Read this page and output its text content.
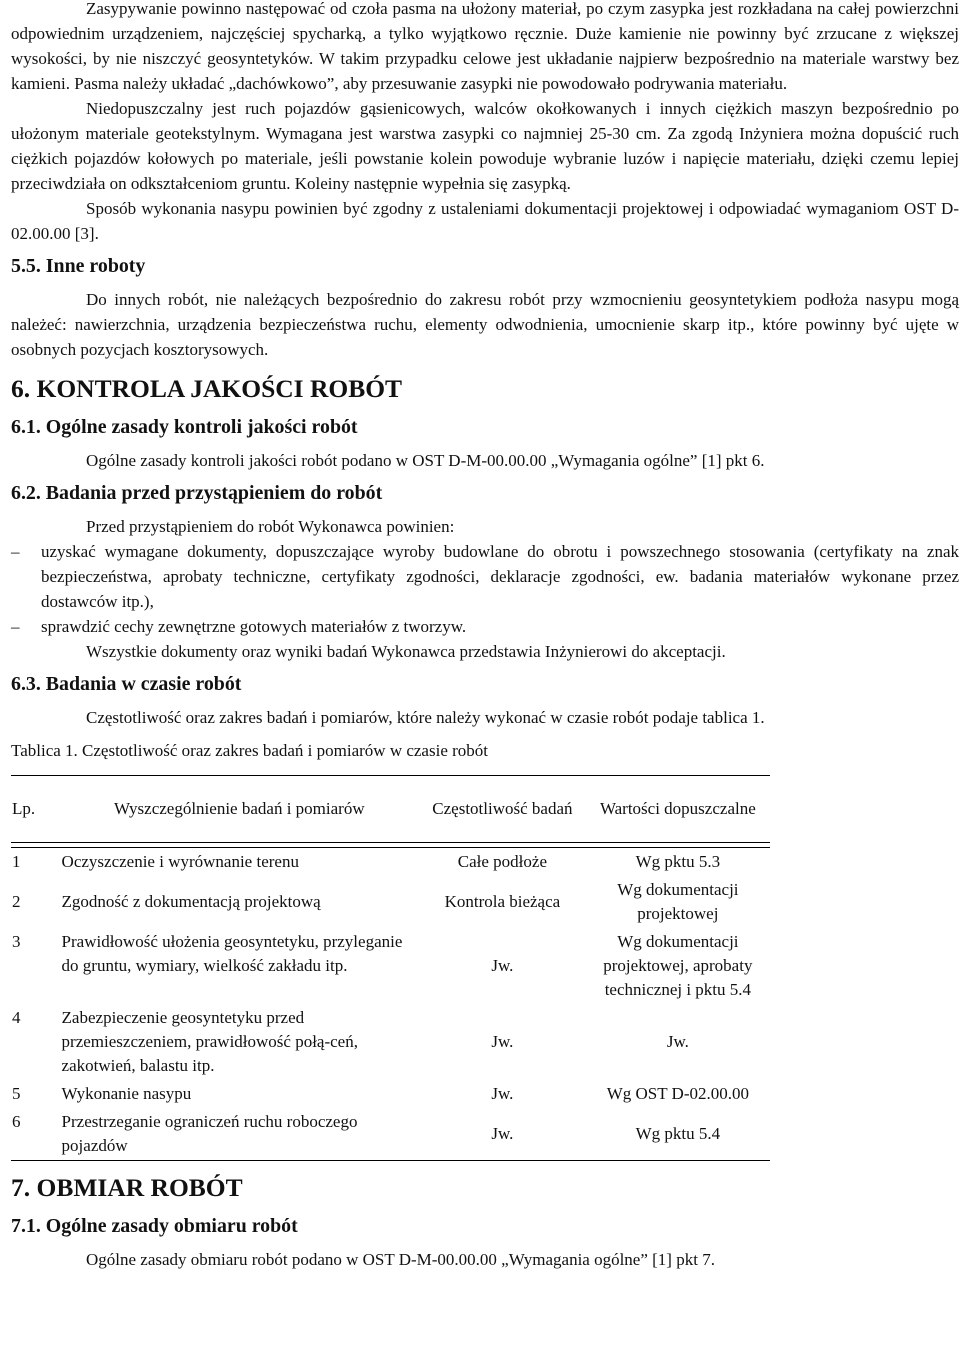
Zasypywanie powinno następować od czoła pasma na ułożony materiał, po czym zasypka jest rozkładana na całej powierzchni odpowiednim urządzeniem, najczęściej spycharką, a tylko wyjątkowo ręcznie. Duże kamienie nie powinny być zrzucane z większej wysokości, by nie niszczyć geosyntetyków. W takim przypadku celowe jest układanie najpierw bezpośrednio na materiale warstwy bez kamieni. Pasma należy układać „dachówkowo”, aby przesuwanie zasypki nie powodowało podrywania materiału.

Niedopuszczalny jest ruch pojazdów gąsienicowych, walców okołkowanych i innych ciężkich maszyn bezpośrednio po ułożonym materiale geotekstylnym. Wymagana jest warstwa zasypki co najmniej 25-30 cm. Za zgodą Inżyniera można dopuścić ruch ciężkich pojazdów kołowych po materiale, jeśli powstanie kolein powoduje wybranie luzów i napięcie materiału, dzięki czemu lepiej przeciwdziała on odkształceniom gruntu. Koleiny następnie wypełnia się zasypką.

Sposób wykonania nasypu powinien być zgodny z ustaleniami dokumentacji projektowej i odpowiadać wymaganiom OST D-02.00.00 [3].

5.5. Inne roboty

Do innych robót, nie należących bezpośrednio do zakresu robót przy wzmocnieniu geosyntetykiem podłoża nasypu mogą należeć: nawierzchnia, urządzenia bezpieczeństwa ruchu, elementy odwodnienia, umocnienie skarp itp., które powinny być ujęte w osobnych pozycjach kosztorysowych.

6. KONTROLA JAKOŚCI ROBÓT
6.1. Ogólne zasady kontroli jakości robót

Ogólne zasady kontroli jakości robót podano w OST D-M-00.00.00 „Wymagania ogólne” [1] pkt 6.

6.2. Badania przed przystąpieniem do robót

Przed przystąpieniem do robót Wykonawca powinien:

– uzyskać wymagane dokumenty, dopuszczające wyroby budowlane do obrotu i powszechnego stosowania (certyfikaty na znak bezpieczeństwa, aprobaty techniczne, certyfikaty zgodności, deklaracje zgodności, ew. badania materiałów wykonane przez dostawców itp.),
– sprawdzić cechy zewnętrzne gotowych materiałów z tworzyw.

Wszystkie dokumenty oraz wyniki badań Wykonawca przedstawia Inżynierowi do akceptacji.

6.3. Badania w czasie robót

Częstotliwość oraz zakres badań i pomiarów, które należy wykonać w czasie robót podaje tablica 1.

Tablica 1. Częstotliwość oraz zakres badań i pomiarów w czasie robót

Lp.	Wyszczególnienie badań i pomiarów	Częstotliwość badań	Wartości dopuszczalne

1	Oczyszczenie i wyrównanie terenu	Całe podłoże	Wg pktu 5.3
2	Zgodność z dokumentacją projektową	Kontrola bieżąca	Wg dokumentacji projektowej
3	Prawidłowość ułożenia geosyntetyku, przyleganie do gruntu, wymiary, wielkość zakładu itp.	Jw.	Wg dokumentacji projektowej, aprobaty technicznej i pktu 5.4
4	Zabezpieczenie geosyntetyku przed przemieszczeniem, prawidłowość połą-ceń, zakotwień, balastu itp.	Jw.	Jw.
5	Wykonanie nasypu	Jw.	Wg OST D-02.00.00
6	Przestrzeganie ograniczeń ruchu roboczego pojazdów	Jw.	Wg pktu 5.4
7. OBMIAR ROBÓT
7.1. Ogólne zasady obmiaru robót

Ogólne zasady obmiaru robót podano w OST D-M-00.00.00 „Wymagania ogólne” [1] pkt 7.
